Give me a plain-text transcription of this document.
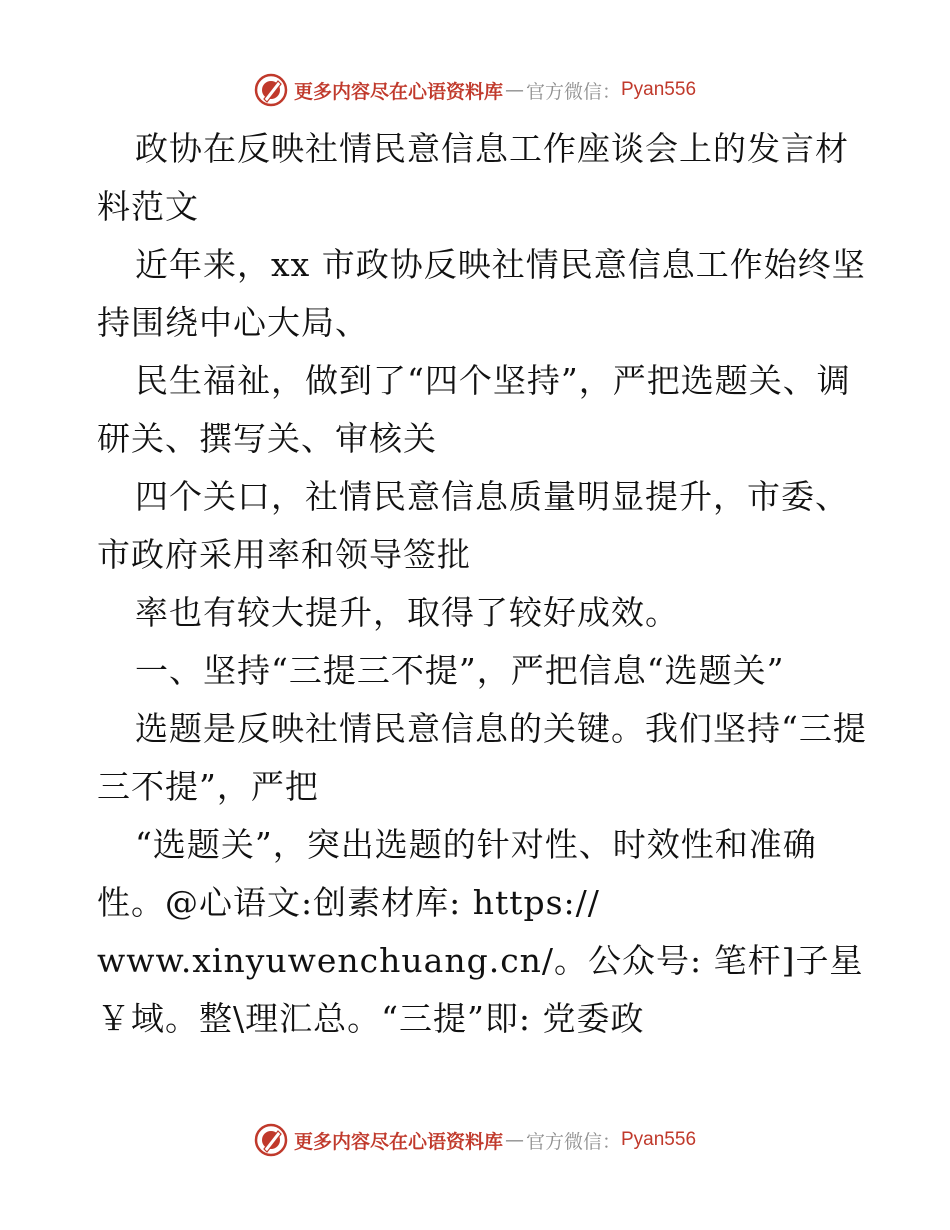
更多内容尽在心语资料库 — 官方微信： Pyan556

政协在反映社情民意信息工作座谈会上的发言材料范文

近年来，xx 市政协反映社情民意信息工作始终坚持围绕中心大局、

民生福祉，做到了“四个坚持”，严把选题关、调研关、撰写关、审核关

四个关口，社情民意信息质量明显提升，市委、市政府采用率和领导签批

率也有较大提升，取得了较好成效。

一、坚持“三提三不提”，严把信息“选题关”

选题是反映社情民意信息的关键。我们坚持“三提三不提”，严把

“选题关”，突出选题的针对性、时效性和准确性。@心语文:创素材库: https:// www.xinyuwenchuang.cn/。公众号: 笔杆]子星￥域。整\理汇总。“三提”即: 党委政

更多内容尽在心语资料库 — 官方微信： Pyan556
